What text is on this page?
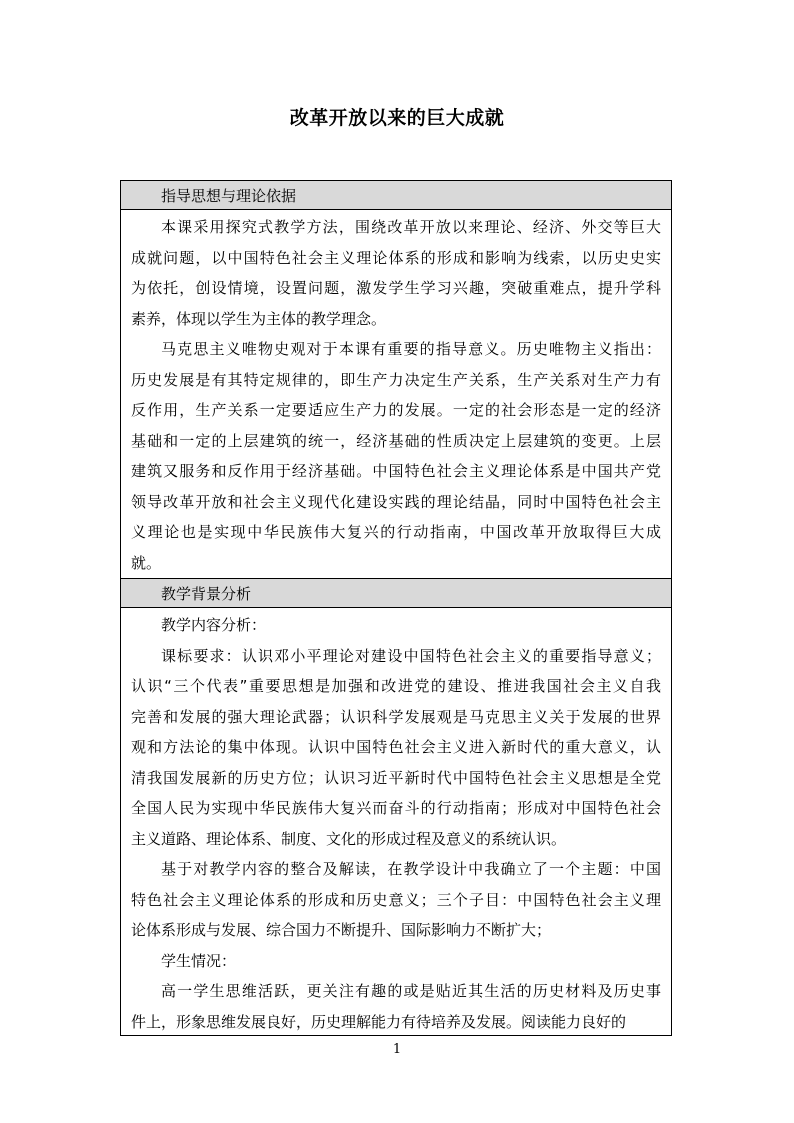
改革开放以来的巨大成就
指导思想与理论依据
本课采用探究式教学方法，围绕改革开放以来理论、经济、外交等巨大
成就问题，以中国特色社会主义理论体系的形成和影响为线索，以历史史实
为依托，创设情境，设置问题，激发学生学习兴趣，突破重难点，提升学科
素养，体现以学生为主体的教学理念。
马克思主义唯物史观对于本课有重要的指导意义。历史唯物主义指出：
历史发展是有其特定规律的，即生产力决定生产关系，生产关系对生产力有
反作用，生产关系一定要适应生产力的发展。一定的社会形态是一定的经济
基础和一定的上层建筑的统一，经济基础的性质决定上层建筑的变更。上层
建筑又服务和反作用于经济基础。中国特色社会主义理论体系是中国共产党
领导改革开放和社会主义现代化建设实践的理论结晶，同时中国特色社会主
义理论也是实现中华民族伟大复兴的行动指南，中国改革开放取得巨大成
就。
教学背景分析
教学内容分析：
课标要求：认识邓小平理论对建设中国特色社会主义的重要指导意义；
认识“三个代表”重要思想是加强和改进党的建设、推进我国社会主义自我
完善和发展的强大理论武器；认识科学发展观是马克思主义关于发展的世界
观和方法论的集中体现。认识中国特色社会主义进入新时代的重大意义，认
清我国发展新的历史方位；认识习近平新时代中国特色社会主义思想是全党
全国人民为实现中华民族伟大复兴而奋斗的行动指南；形成对中国特色社会
主义道路、理论体系、制度、文化的形成过程及意义的系统认识。
基于对教学内容的整合及解读，在教学设计中我确立了一个主题：中国
特色社会主义理论体系的形成和历史意义；三个子目：中国特色社会主义理
论体系形成与发展、综合国力不断提升、国际影响力不断扩大；
学生情况：
高一学生思维活跃，更关注有趣的或是贴近其生活的历史材料及历史事
件上，形象思维发展良好，历史理解能力有待培养及发展。阅读能力良好的
1
